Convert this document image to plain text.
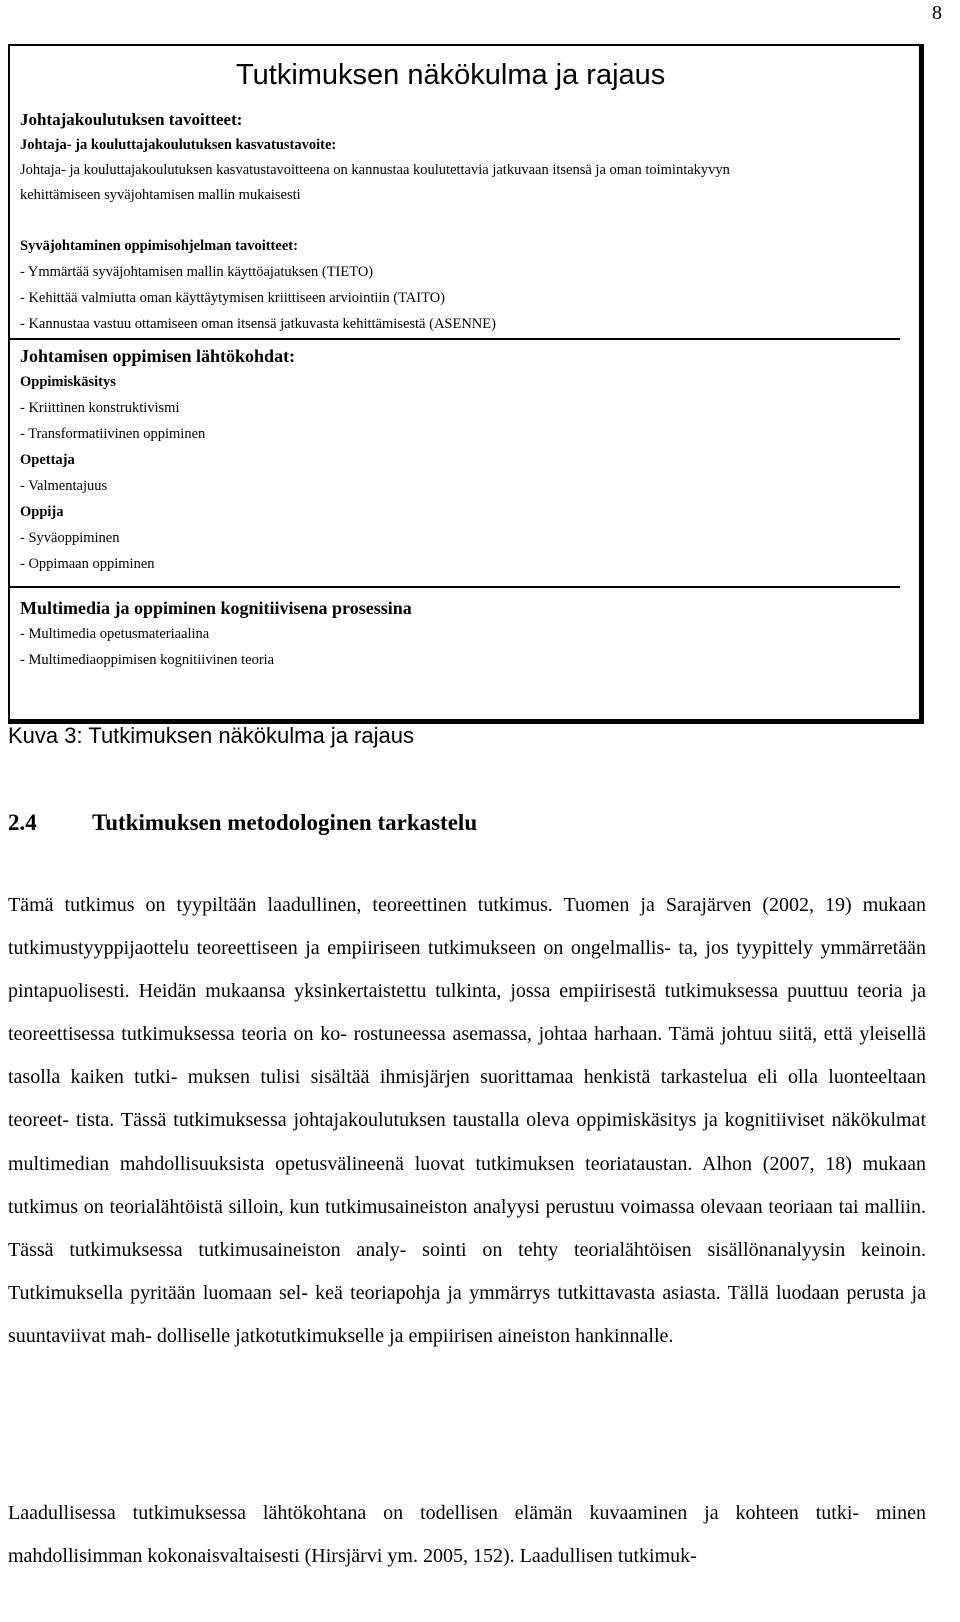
8
Tutkimuksen näkökulma ja rajaus
Johtajakoulutuksen tavoitteet:
Johtaja- ja kouluttajakoulutuksen kasvatustavoite:
Johtaja- ja kouluttajakoulutuksen kasvatustavoitteena on kannustaa koulutettavia jatkuvaan itsensä ja oman toimintakyvyn
kehittämiseen syväjohtamisen mallin mukaisesti
Syväjohtaminen oppimisohjelman tavoitteet:
- Ymmärtää syväjohtamisen mallin käyttöajatuksen (TIETO)
- Kehittää valmiutta oman käyttäytymisen kriittiseen arviointiin (TAITO)
- Kannustaa vastuu ottamiseen oman itsensä jatkuvasta kehittämisestä (ASENNE)
Johtamisen oppimisen lähtökohdat:
Oppimiskäsitys
- Kriittinen konstruktivismi
- Transformatiivinen oppiminen
Opettaja
- Valmentajuus
Oppija
- Syväoppiminen
- Oppimaan oppiminen
Multimedia ja oppiminen kognitiivisena prosessina
- Multimedia opetusmateriaalina
- Multimediaoppimisen kognitiivinen teoria
Kuva 3: Tutkimuksen näkökulma ja rajaus
2.4 Tutkimuksen metodologinen tarkastelu
Tämä tutkimus on tyypiltään laadullinen, teoreettinen tutkimus. Tuomen ja Sarajärven (2002, 19) mukaan tutkimustyyppijaottelu teoreettiseen ja empiiriseen tutkimukseen on ongelmallis- ta, jos tyypittely ymmärretään pintapuolisesti. Heidän mukaansa yksinkertaistettu tulkinta, jossa empiirisestä tutkimuksessa puuttuu teoria ja teoreettisessa tutkimuksessa teoria on ko- rostuneessa asemassa, johtaa harhaan. Tämä johtuu siitä, että yleisellä tasolla kaiken tutki- muksen tulisi sisältää ihmisjärjen suorittamaa henkistä tarkastelua eli olla luonteeltaan teoreet- tista. Tässä tutkimuksessa johtajakoulutuksen taustalla oleva oppimiskäsitys ja kognitiiviset näkökulmat multimedian mahdollisuuksista opetusvälineenä luovat tutkimuksen teoriataustan. Alhon (2007, 18) mukaan tutkimus on teorialähtöistä silloin, kun tutkimusaineiston analyysi perustuu voimassa olevaan teoriaan tai malliin. Tässä tutkimuksessa tutkimusaineiston analy- sointi on tehty teorialähtöisen sisällönanalyysin keinoin. Tutkimuksella pyritään luomaan sel- keä teoriapohja ja ymmärrys tutkittavasta asiasta. Tällä luodaan perusta ja suuntaviivat mah- dolliselle jatkotutkimukselle ja empiirisen aineiston hankinnalle.
Laadullisessa tutkimuksessa lähtökohtana on todellisen elämän kuvaaminen ja kohteen tutki- minen mahdollisimman kokonaisvaltaisesti (Hirsjärvi ym. 2005, 152). Laadullisen tutkimuk-
